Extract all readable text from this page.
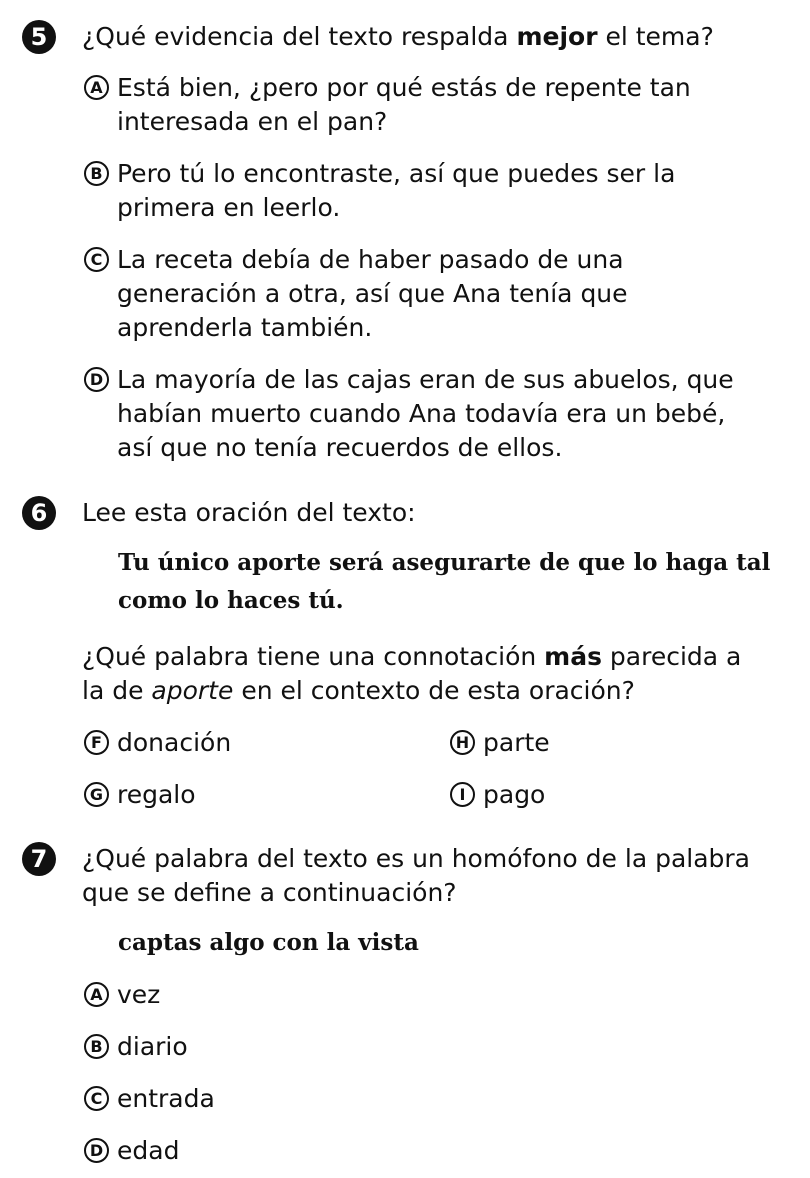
5	¿Qué evidencia del texto respalda mejor el tema?

A Está bien, ¿pero por qué estás de repente tan
interesada en el pan?
B Pero tú lo encontraste, así que puedes ser la
primera en leerlo.
C La receta debía de haber pasado de una
generación a otra, así que Ana tenía que
aprenderla también.
D La mayoría de las cajas eran de sus abuelos, que
habían muerto cuando Ana todavía era un bebé,
así que no tenía recuerdos de ellos.
6	Lee esta oración del texto:

Tu único aporte será asegurarte de que lo haga tal
como lo haces tú.

¿Qué palabra tiene una connotación más parecida a

la de aporte en el contexto de esta oración?

F donación	H parte
G regalo	I pago
7	¿Qué palabra del texto es un homófono de la palabra

que se define a continuación?

captas algo con la vista
A vez
B diario
C entrada
D edad
